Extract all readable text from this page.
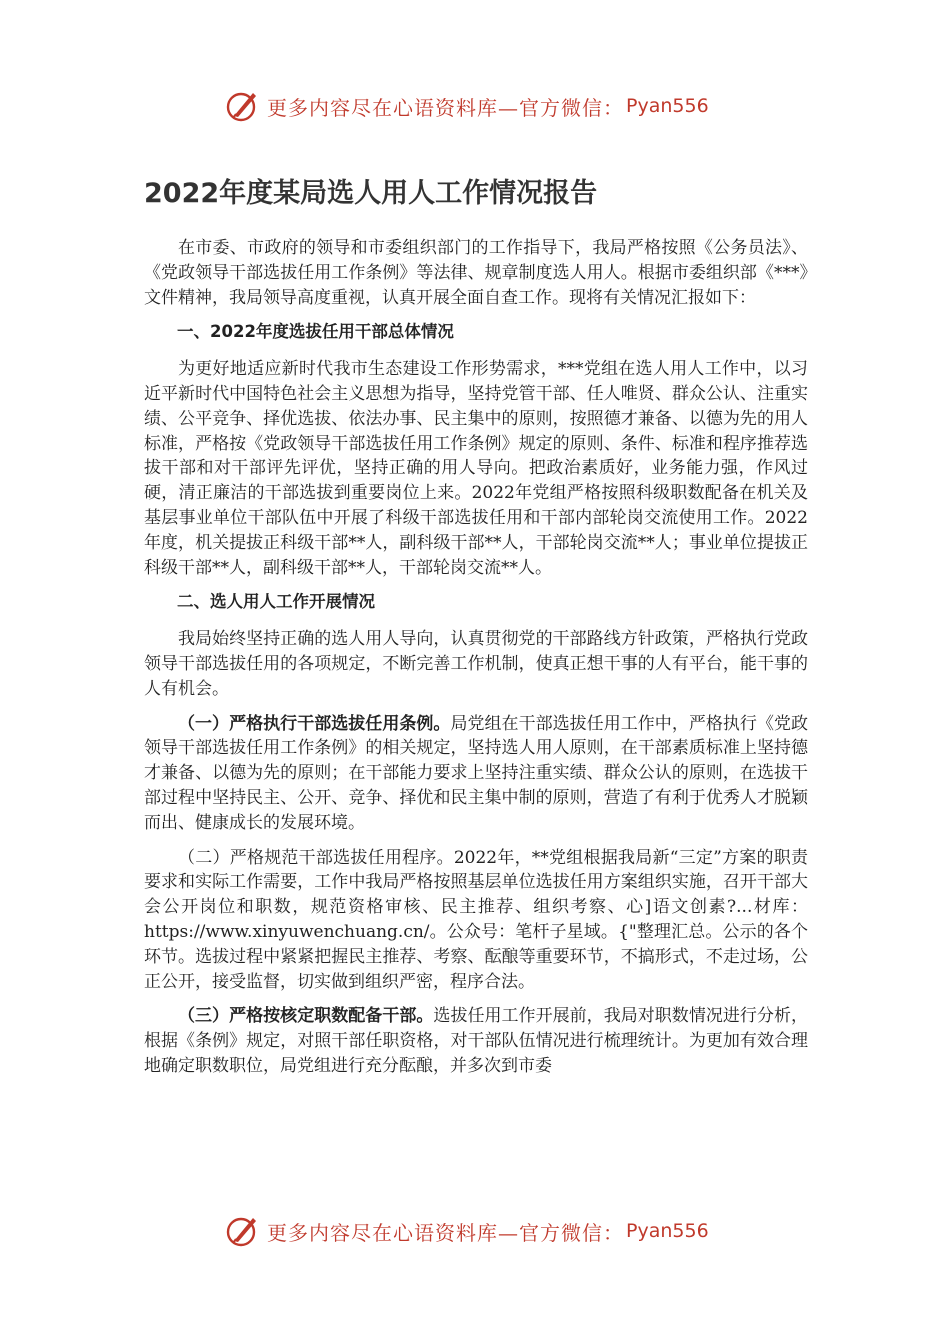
更多内容尽在心语资料库—官方微信： Pyan556
2022年度某局选人用人工作情况报告

在市委、市政府的领导和市委组织部门的工作指导下，我局严格按照《公务员法》、《党政领导干部选拔任用工作条例》等法律、规章制度选人用人。根据市委组织部《***》文件精神，我局领导高度重视，认真开展全面自查工作。现将有关情况汇报如下：

一、2022年度选拔任用干部总体情况

为更好地适应新时代我市生态建设工作形势需求，***党组在选人用人工作中，以习近平新时代中国特色社会主义思想为指导，坚持党管干部、任人唯贤、群众公认、注重实绩、公平竞争、择优选拔、依法办事、民主集中的原则，按照德才兼备、以德为先的用人标准，严格按《党政领导干部选拔任用工作条例》规定的原则、条件、标准和程序推荐选拔干部和对干部评先评优，坚持正确的用人导向。把政治素质好，业务能力强，作风过硬，清正廉洁的干部选拔到重要岗位上来。2022年党组严格按照科级职数配备在机关及基层事业单位干部队伍中开展了科级干部选拔任用和干部内部轮岗交流使用工作。2022年度，机关提拔正科级干部**人，副科级干部**人，干部轮岗交流**人；事业单位提拔正科级干部**人，副科级干部**人，干部轮岗交流**人。

二、选人用人工作开展情况

我局始终坚持正确的选人用人导向，认真贯彻党的干部路线方针政策，严格执行党政领导干部选拔任用的各项规定，不断完善工作机制，使真正想干事的人有平台，能干事的人有机会。

（一）严格执行干部选拔任用条例。局党组在干部选拔任用工作中，严格执行《党政领导干部选拔任用工作条例》的相关规定，坚持选人用人原则，在干部素质标准上坚持德才兼备、以德为先的原则；在干部能力要求上坚持注重实绩、群众公认的原则，在选拔干部过程中坚持民主、公开、竞争、择优和民主集中制的原则，营造了有利于优秀人才脱颖而出、健康成长的发展环境。

（二）严格规范干部选拔任用程序。2022年，**党组根据我局新“三定”方案的职责要求和实际工作需要，工作中我局严格按照基层单位选拔任用方案组织实施，召开干部大会公开岗位和职数，规范资格审核、民主推荐、组织考察、心]语文创素?...材库：https://www.xinyuwenchuang.cn/。公众号：笔杆子星域。{"整理汇总。公示的各个环节。选拔过程中紧紧把握民主推荐、考察、酝酿等重要环节，不搞形式，不走过场，公正公开，接受监督，切实做到组织严密，程序合法。

（三）严格按核定职数配备干部。选拔任用工作开展前，我局对职数情况进行分析，根据《条例》规定，对照干部任职资格，对干部队伍情况进行梳理统计。为更加有效合理地确定职数职位，局党组进行充分酝酿，并多次到市委

更多内容尽在心语资料库—官方微信： Pyan556
